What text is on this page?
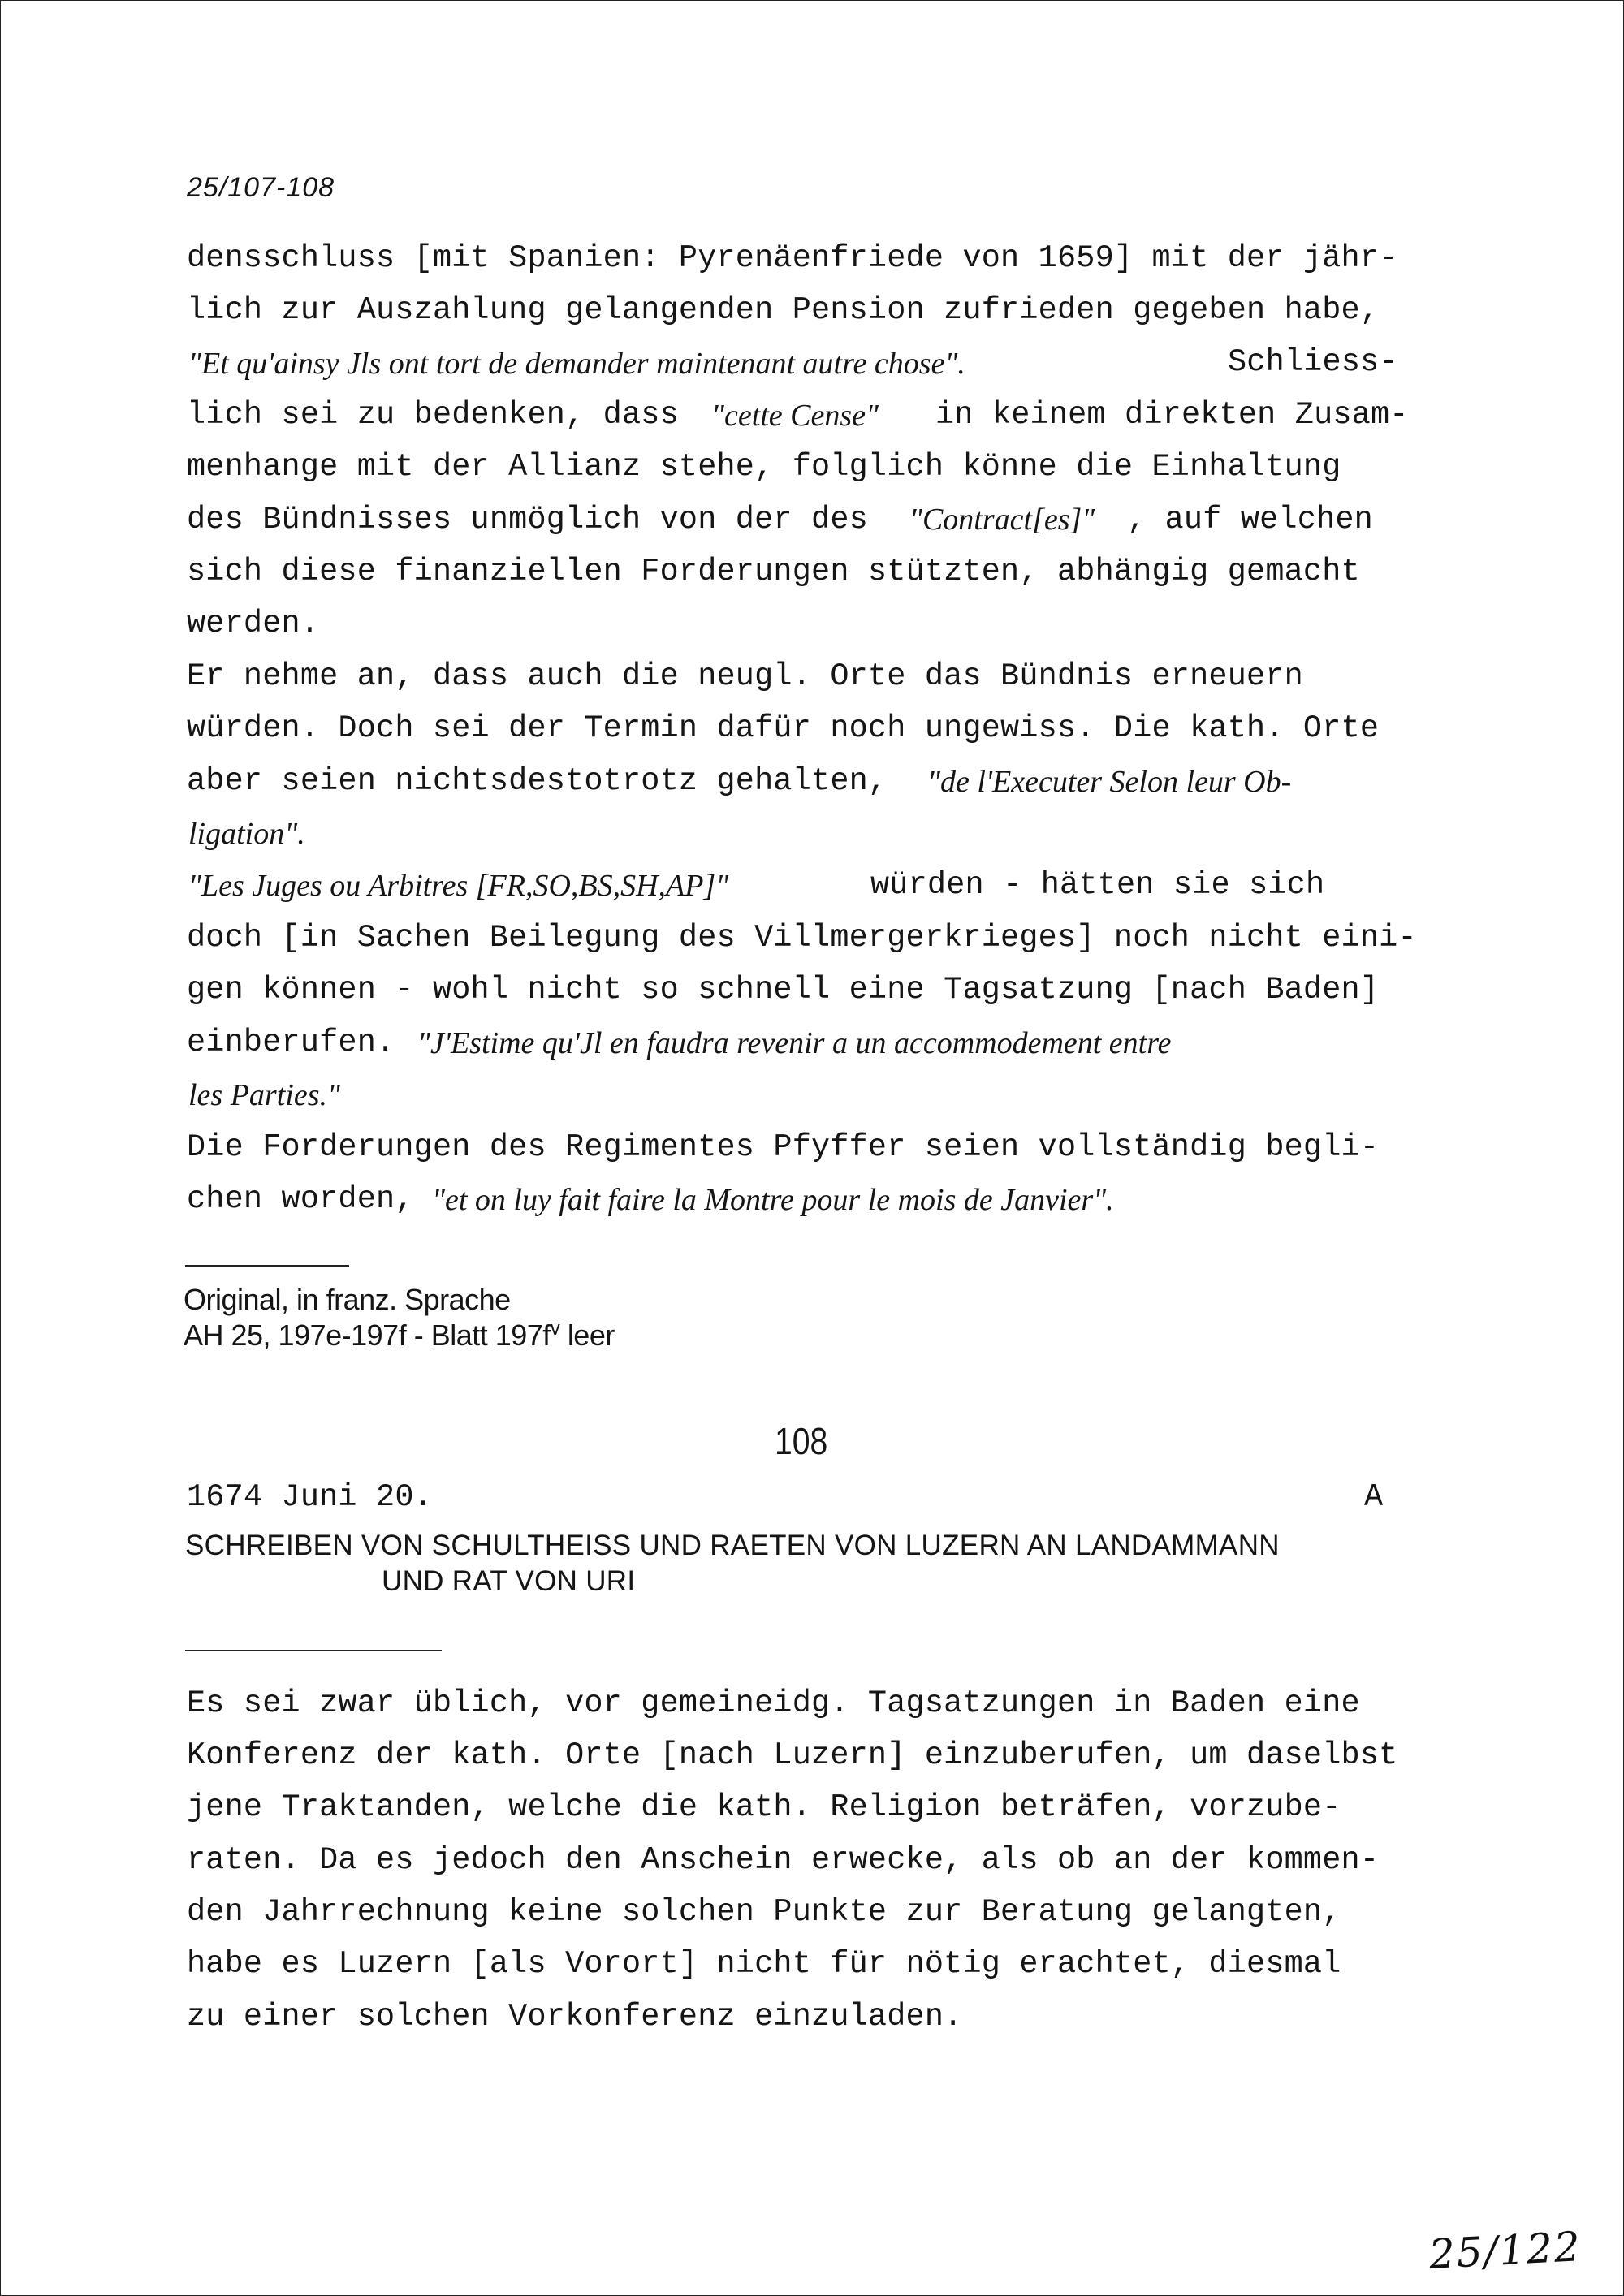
25/107-108
densschluss [mit Spanien: Pyrenäenfriede von 1659] mit der jähr-
lich zur Auszahlung gelangenden Pension zufrieden gegeben habe,
"Et qu'ainsy Jls ont tort de demander maintenant autre chose".	Schliess-
lich sei zu bedenken, dass "cette Cense" in keinem direkten Zusam-
menhange mit der Allianz stehe, folglich könne die Einhaltung
des Bündnisses unmöglich von der des "Contract[es]" , auf welchen
sich diese finanziellen Forderungen stützten, abhängig gemacht
werden.
Er nehme an, dass auch die neugl. Orte das Bündnis erneuern
würden. Doch sei der Termin dafür noch ungewiss. Die kath. Orte
aber seien nichtsdestotrotz gehalten, "de l'Executer Selon leur Ob-
ligation".
"Les Juges ou Arbitres [FR,SO,BS,SH,AP]"	würden - hätten sie sich
doch [in Sachen Beilegung des Villmergerkrieges] noch nicht eini-
gen können - wohl nicht so schnell eine Tagsatzung [nach Baden]
einberufen. "J'Estime qu'Jl en faudra revenir a un accommodement entre
les Parties."
Die Forderungen des Regimentes Pfyffer seien vollständig begli-
chen worden, "et on luy fait faire la Montre pour le mois de Janvier".
Original, in franz. Sprache
AH 25, 197e-197f - Blatt $197f^v$ leer
108
1674 Juni 20.	A
SCHREIBEN VON SCHULTHEISS UND RAETEN VON LUZERN AN LANDAMMANN
UND RAT VON URI
Es sei zwar üblich, vor gemeineidg. Tagsatzungen in Baden eine
Konferenz der kath. Orte [nach Luzern] einzuberufen, um daselbst
jene Traktanden, welche die kath. Religion beträfen, vorzube-
raten. Da es jedoch den Anschein erwecke, als ob an der kommen-
den Jahrrechnung keine solchen Punkte zur Beratung gelangten,
habe es Luzern [als Vorort] nicht für nötig erachtet, diesmal
zu einer solchen Vorkonferenz einzuladen.
25/122
